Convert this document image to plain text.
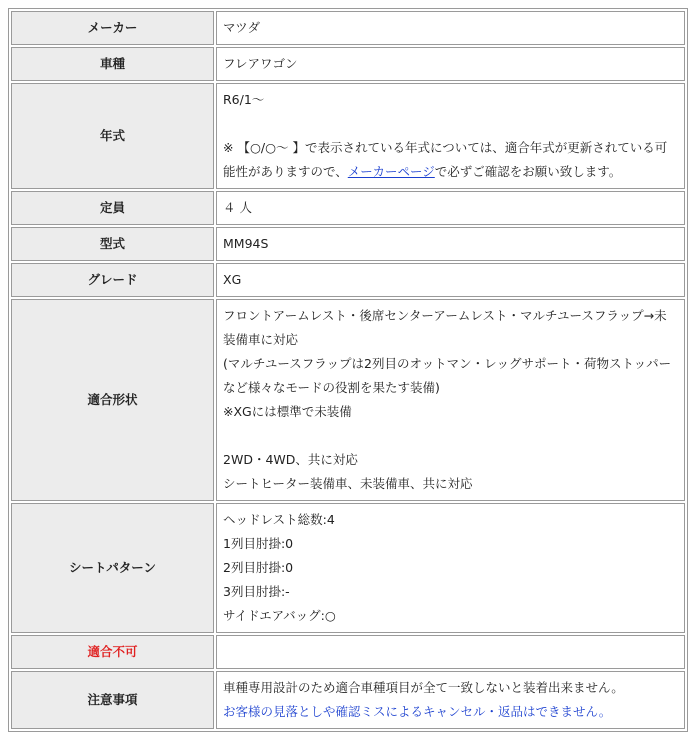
メーカー	マツダ
車種	フレアワゴン
年式	R6/1～
※ 【○/○～ 】で表示されている年式については、適合年式が更新されている可能性がありますので、メーカーページで必ずご確認をお願い致します。
定員	４ 人
型式	MM94S
グレード	XG
適合形状	フロントアームレスト・後席センターアームレスト・マルチユースフラップ→未装備車に対応
(マルチユースフラップは2列目のオットマン・レッグサポート・荷物ストッパーなど様々なモードの役割を果たす装備)
※XGには標準で未装備
2WD・4WD、共に対応
シートヒーター装備車、未装備車、共に対応

シートパターン	ヘッドレスト総数:4
1列目肘掛:0
2列目肘掛:0
3列目肘掛:-
サイドエアバッグ:○

適合不可	
注意事項	車種専用設計のため適合車種項目が全て一致しないと装着出来ません。
お客様の見落としや確認ミスによるキャンセル・返品はできません。
